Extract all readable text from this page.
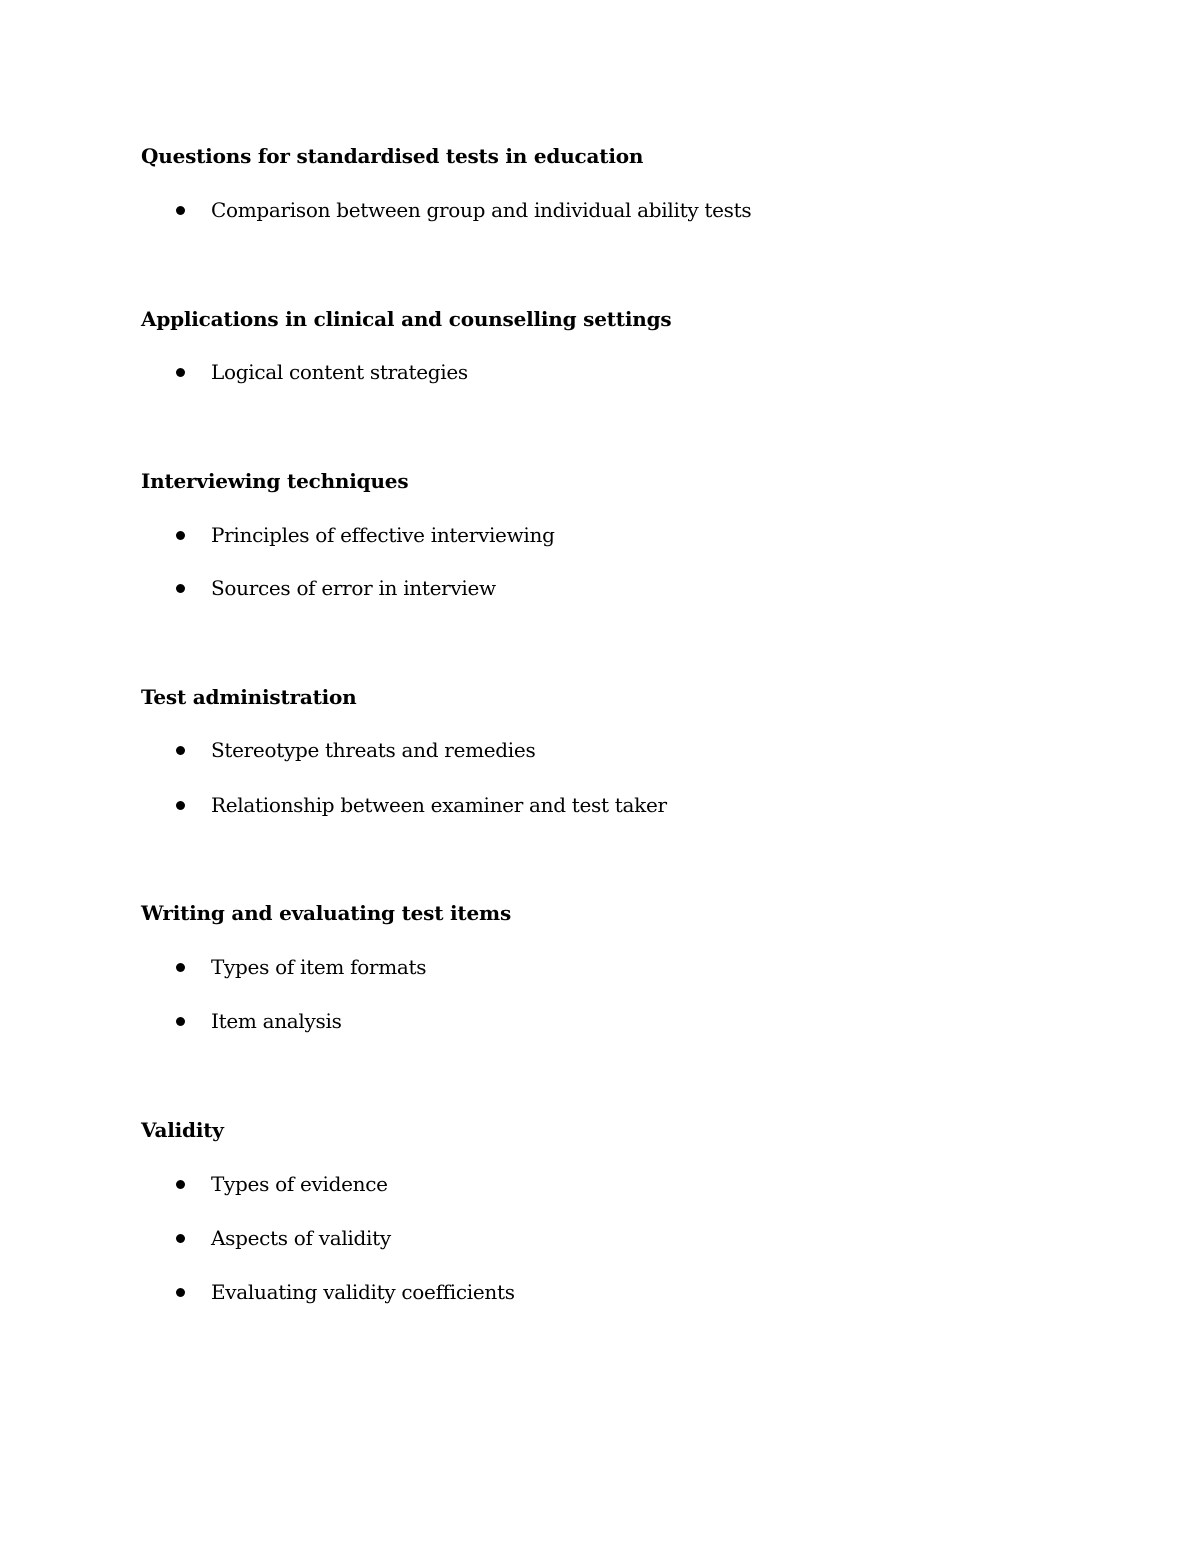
Questions for standardised tests in education
Comparison between group and individual ability tests
Applications in clinical and counselling settings
Logical content strategies
Interviewing techniques
Principles of effective interviewing
Sources of error in interview
Test administration
Stereotype threats and remedies
Relationship between examiner and test taker
Writing and evaluating test items
Types of item formats
Item analysis
Validity
Types of evidence
Aspects of validity
Evaluating validity coefficients
